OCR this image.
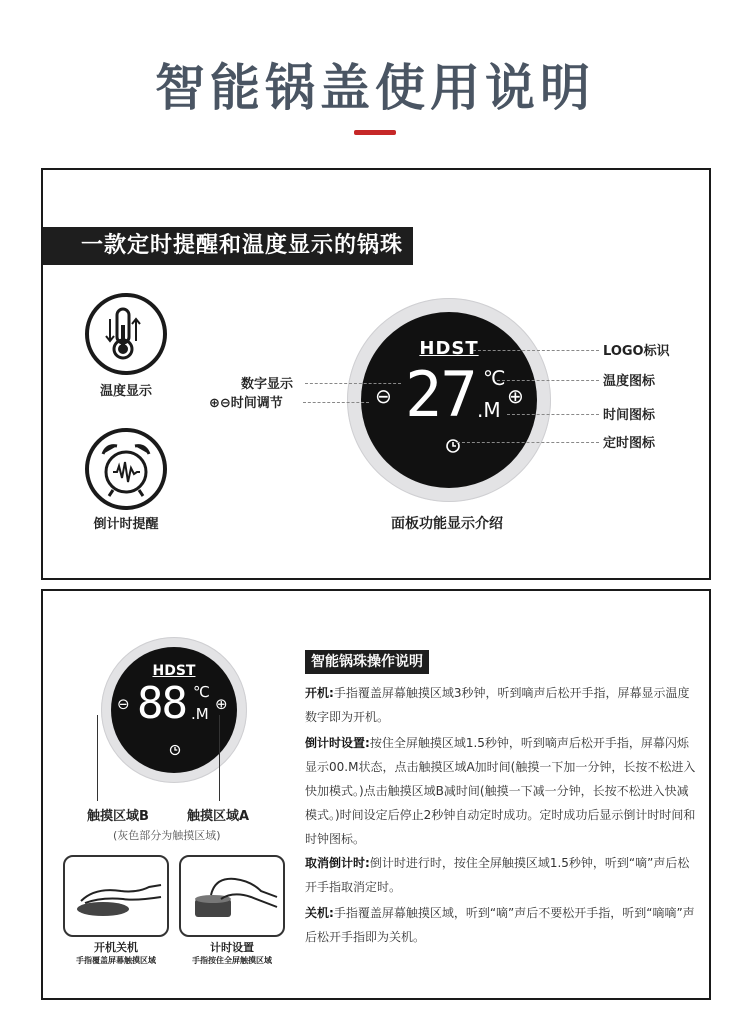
智能锅盖使用说明
一款定时提醒和温度显示的锅珠
温度显示
倒计时提醒
HDST
27 ℃
.M
⊖	⊕
数字显示
⊕⊖时间调节
LOGO标识
温度图标
时间图标
定时图标
面板功能显示介绍
HDST
88 ℃
.M
⊖	⊕
触摸区域B	触摸区域A
(灰色部分为触摸区域)
开机关机
手指覆盖屏幕触摸区域
计时设置
手指按住全屏触摸区域
智能锅珠操作说明
开机:手指覆盖屏幕触摸区域3秒钟，听到嘀声后松开手指，屏幕显示温度数字即为开机。
倒计时设置:按住全屏触摸区域1.5秒钟，听到嘀声后松开手指，屏幕闪烁显示00.M状态，点击触摸区域A加时间(触摸一下加一分钟，长按不松进入快加模式。)点击触摸区域B减时间(触摸一下减一分钟，长按不松进入快减模式。)时间设定后停止2秒钟自动定时成功。定时成功后显示倒计时时间和时钟图标。
取消倒计时:倒计时进行时，按住全屏触摸区域1.5秒钟，听到“嘀”声后松开手指取消定时。
关机:手指覆盖屏幕触摸区域，听到“嘀”声后不要松开手指，听到“嘀嘀”声后松开手指即为关机。
